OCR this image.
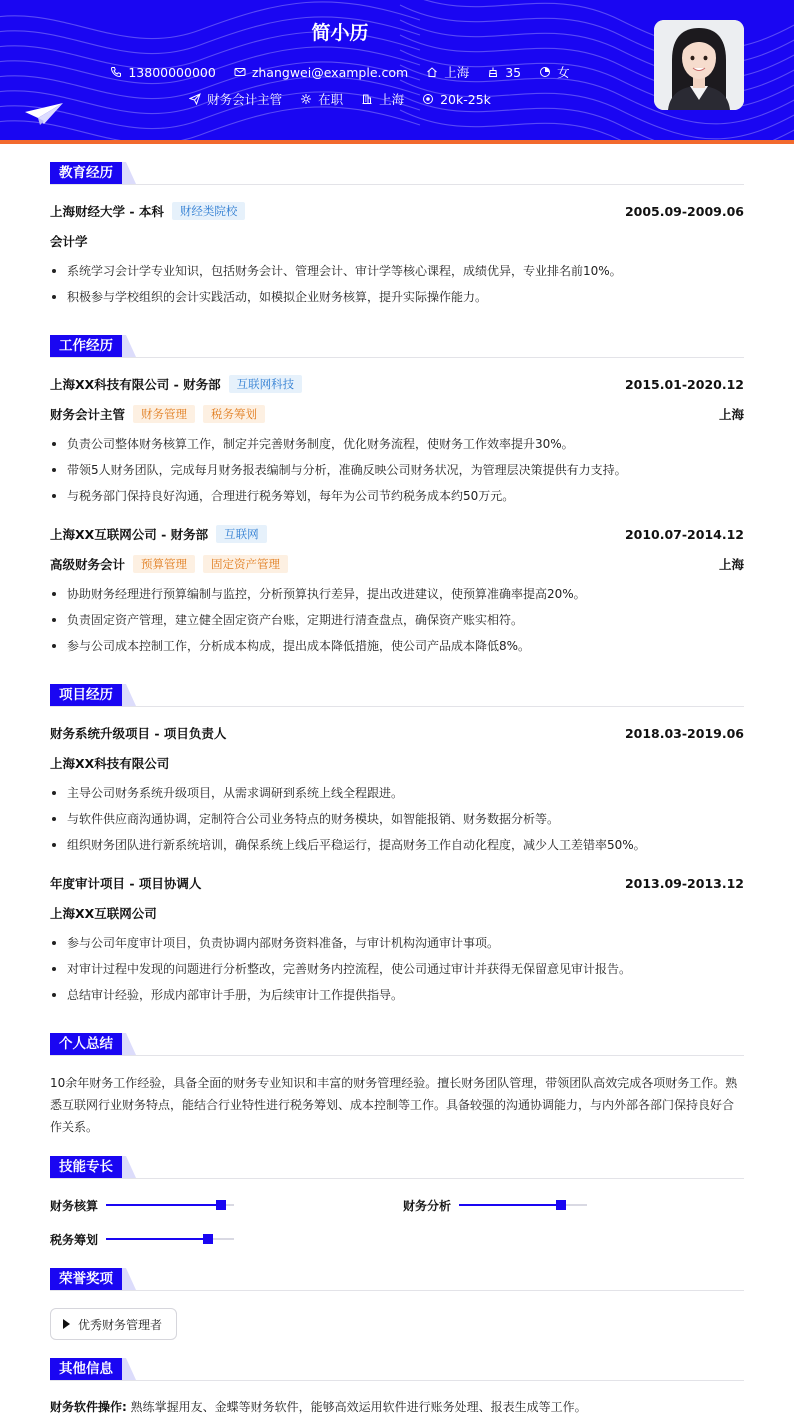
简小历
13800000000	zhangwei@example.com	上海	35	女
财务会计主管	在职	上海	20k-25k
教育经历
上海财经大学 - 本科	财经类院校	2005.09-2009.06
会计学
系统学习会计学专业知识，包括财务会计、管理会计、审计学等核心课程，成绩优异，专业排名前10%。
积极参与学校组织的会计实践活动，如模拟企业财务核算，提升实际操作能力。
工作经历
上海XX科技有限公司 - 财务部	互联网科技	2015.01-2020.12
财务会计主管	财务管理	税务筹划	上海
负责公司整体财务核算工作，制定并完善财务制度，优化财务流程，使财务工作效率提升30%。
带领5人财务团队，完成每月财务报表编制与分析，准确反映公司财务状况，为管理层决策提供有力支持。
与税务部门保持良好沟通，合理进行税务筹划，每年为公司节约税务成本约50万元。
上海XX互联网公司 - 财务部	互联网	2010.07-2014.12
高级财务会计	预算管理	固定资产管理	上海
协助财务经理进行预算编制与监控，分析预算执行差异，提出改进建议，使预算准确率提高20%。
负责固定资产管理，建立健全固定资产台账，定期进行清查盘点，确保资产账实相符。
参与公司成本控制工作，分析成本构成，提出成本降低措施，使公司产品成本降低8%。
项目经历
财务系统升级项目 - 项目负责人	2018.03-2019.06
上海XX科技有限公司
主导公司财务系统升级项目，从需求调研到系统上线全程跟进。
与软件供应商沟通协调，定制符合公司业务特点的财务模块，如智能报销、财务数据分析等。
组织财务团队进行新系统培训，确保系统上线后平稳运行，提高财务工作自动化程度，减少人工差错率50%。
年度审计项目 - 项目协调人	2013.09-2013.12
上海XX互联网公司
参与公司年度审计项目，负责协调内部财务资料准备，与审计机构沟通审计事项。
对审计过程中发现的问题进行分析整改，完善财务内控流程，使公司通过审计并获得无保留意见审计报告。
总结审计经验，形成内部审计手册，为后续审计工作提供指导。
个人总结
10余年财务工作经验，具备全面的财务专业知识和丰富的财务管理经验。擅长财务团队管理，带领团队高效完成各项财务工作。熟悉互联网行业财务特点，能结合行业特性进行税务筹划、成本控制等工作。具备较强的沟通协调能力，与内外部各部门保持良好合作关系。
技能专长
财务核算	财务分析
税务筹划
荣誉奖项
优秀财务管理者
其他信息
财务软件操作: 熟练掌握用友、金蝶等财务软件，能够高效运用软件进行账务处理、报表生成等工作。
